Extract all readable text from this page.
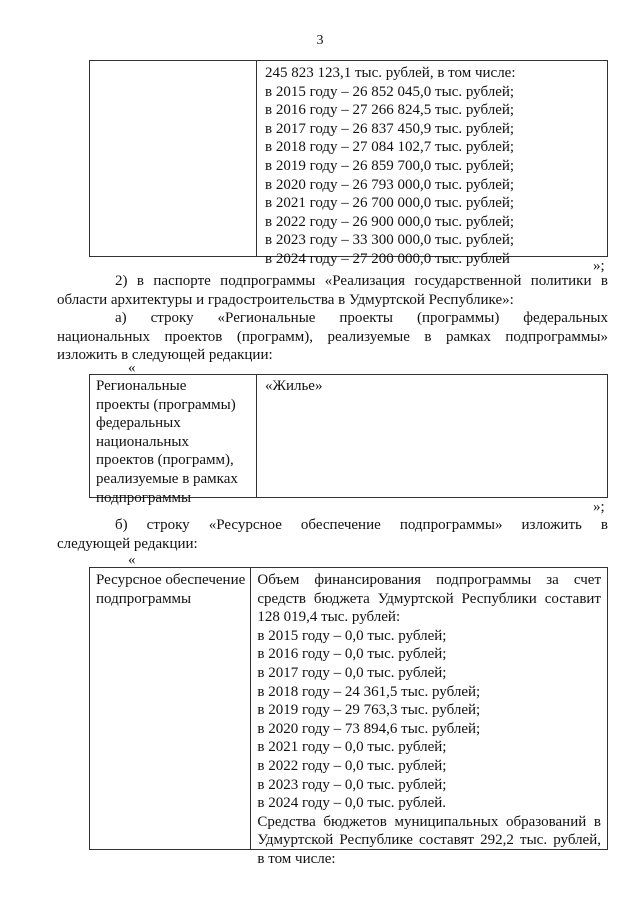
3
245 823 123,1 тыс. рублей, в том числе:
в 2015 году – 26 852 045,0 тыс. рублей;
в 2016 году – 27 266 824,5 тыс. рублей;
в 2017 году – 26 837 450,9 тыс. рублей;
в 2018 году – 27 084 102,7 тыс. рублей;
в 2019 году – 26 859 700,0 тыс. рублей;
в 2020 году – 26 793 000,0 тыс. рублей;
в 2021 году – 26 700 000,0 тыс. рублей;
в 2022 году – 26 900 000,0 тыс. рублей;
в 2023 году – 33 300 000,0 тыс. рублей;
в 2024 году – 27 200 000,0 тыс. рублей	»;
2) в паспорте подпрограммы «Реализация государственной политики в
области архитектуры и градостроительства в Удмуртской Республике»:
а) строку «Региональные проекты (программы) федеральных
национальных проектов (программ), реализуемые в рамках подпрограммы»
изложить в следующей редакции:
«
Региональные
проекты (программы)
федеральных
национальных
проектов (программ),
реализуемые в рамках
подпрограммы
«Жилье»
»;
б) строку «Ресурсное обеспечение подпрограммы» изложить в
следующей редакции:
«
Ресурсное обеспечение
подпрограммы
Объем финансирования подпрограммы за счет
средств бюджета Удмуртской Республики составит
128 019,4 тыс. рублей:
в 2015 году – 0,0 тыс. рублей;
в 2016 году – 0,0 тыс. рублей;
в 2017 году – 0,0 тыс. рублей;
в 2018 году – 24 361,5 тыс. рублей;
в 2019 году – 29 763,3 тыс. рублей;
в 2020 году – 73 894,6 тыс. рублей;
в 2021 году – 0,0 тыс. рублей;
в 2022 году – 0,0 тыс. рублей;
в 2023 году – 0,0 тыс. рублей;
в 2024 году – 0,0 тыс. рублей.
Средства бюджетов муниципальных образований в
Удмуртской Республике составят 292,2 тыс. рублей,
в том числе:
